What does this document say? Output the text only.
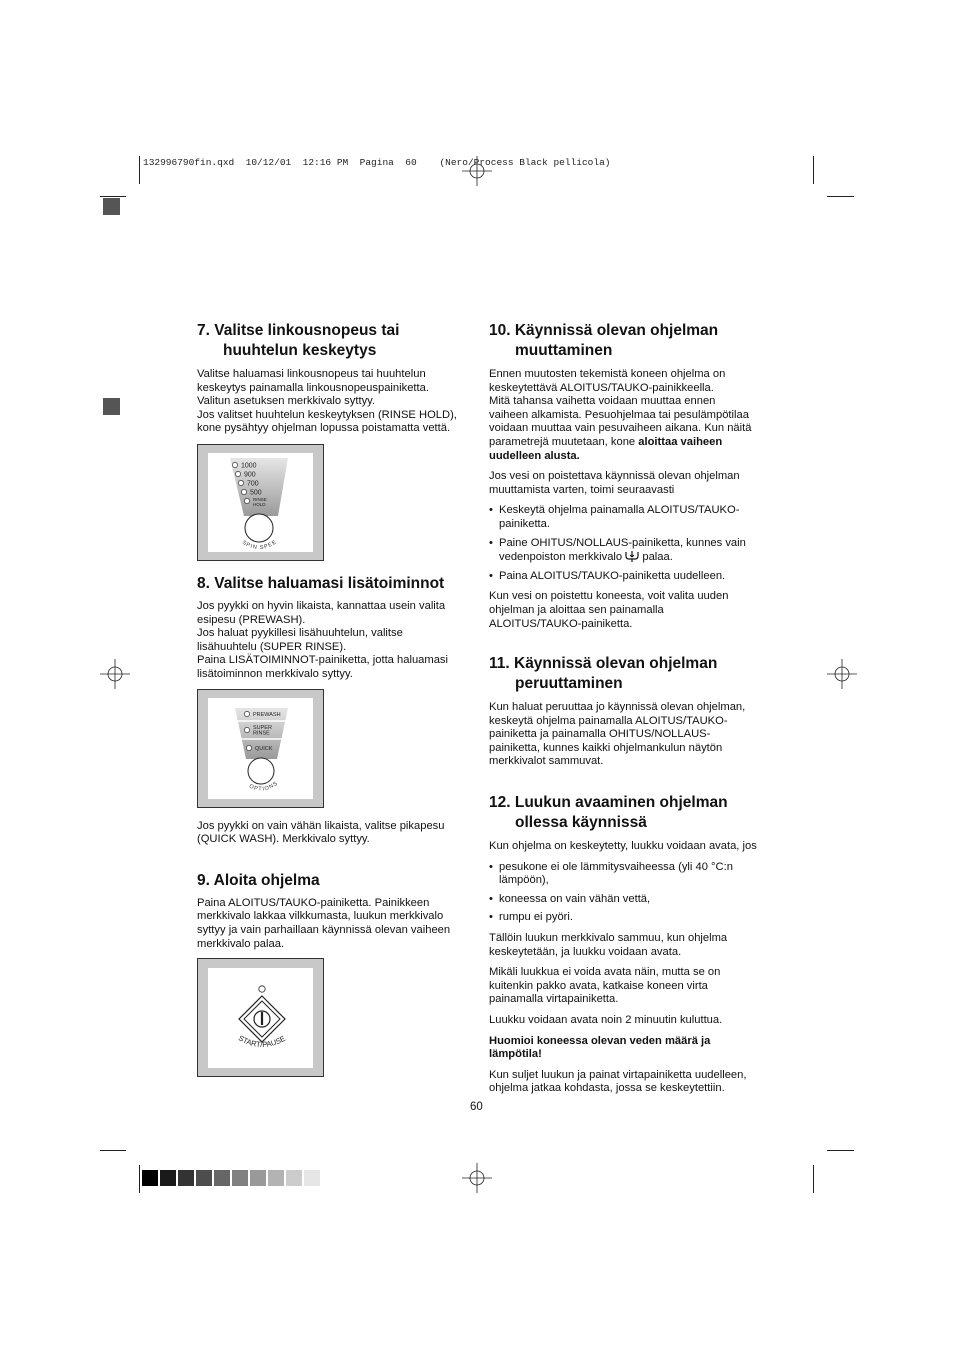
132996790fin.qxd  10/12/01  12:16 PM  Pagina  60    (Nero/Process Black pellicola)
7. Valitse linkousnopeus tai
huuhtelun keskeytys

Valitse haluamasi linkousnopeus tai huuhtelun keskeytys painamalla linkousnopeuspainiketta. Valitun asetuksen merkkivalo syttyy.

Jos valitset huuhtelun keskeytyksen (RINSE HOLD), kone pysähtyy ohjelman lopussa poistamatta vettä.

1000
900
700
500
RINSE
HOLD
SPIN SPEE
8. Valitse haluamasi lisätoiminnot

Jos pyykki on hyvin likaista, kannattaa usein valita esipesu (PREWASH).

Jos haluat pyykillesi lisähuuhtelun, valitse lisähuuhtelu (SUPER RINSE).

Paina LISÄTOIMINNOT-painiketta, jotta haluamasi lisätoiminnon merkkivalo syttyy.

PREWASH
SUPER
RINSE
QUICK
OPTIONS

Jos pyykki on vain vähän likaista, valitse pikapesu (QUICK WASH). Merkkivalo syttyy.

9. Aloita ohjelma

Paina ALOITUS/TAUKO-painiketta. Painikkeen merkkivalo lakkaa vilkkumasta, luukun merkkivalo syttyy ja vain parhaillaan käynnissä olevan vaiheen merkkivalo palaa.

START/PAUSE
10. Käynnissä olevan ohjelman
muuttaminen

Ennen muutosten tekemistä koneen ohjelma on keskeytettävä ALOITUS/TAUKO-painikkeella.

Mitä tahansa vaihetta voidaan muuttaa ennen vaiheen alkamista. Pesuohjelmaa tai pesulämpötilaa voidaan muuttaa vain pesuvaiheen aikana. Kun näitä parametrejä muutetaan, kone aloittaa vaiheen uudelleen alusta.

Jos vesi on poistettava käynnissä olevan ohjelman muuttamista varten, toimi seuraavasti

• Keskeytä ohjelma painamalla ALOITUS/TAUKO-painiketta.
• Paine OHITUS/NOLLAUS-painiketta, kunnes vain vedenpoiston merkkivalo palaa.
• Paina ALOITUS/TAUKO-painiketta uudelleen.

Kun vesi on poistettu koneesta, voit valita uuden ohjelman ja aloittaa sen painamalla ALOITUS/TAUKO-painiketta.

11. Käynnissä olevan ohjelman
peruuttaminen

Kun haluat peruuttaa jo käynnissä olevan ohjelman, keskeytä ohjelma painamalla ALOITUS/TAUKO-painiketta ja painamalla OHITUS/NOLLAUS-painiketta, kunnes kaikki ohjelmankulun näytön merkkivalot sammuvat.

12. Luukun avaaminen ohjelman
ollessa käynnissä

Kun ohjelma on keskeytetty, luukku voidaan avata, jos

• pesukone ei ole lämmitysvaiheessa (yli 40 °C:n lämpöön),
• koneessa on vain vähän vettä,
• rumpu ei pyöri.

Tällöin luukun merkkivalo sammuu, kun ohjelma keskeytetään, ja luukku voidaan avata.

Mikäli luukkua ei voida avata näin, mutta se on kuitenkin pakko avata, katkaise koneen virta painamalla virtapainiketta.

Luukku voidaan avata noin 2 minuutin kuluttua.

Huomioi koneessa olevan veden määrä ja lämpötila!

Kun suljet luukun ja painat virtapainiketta uudelleen, ohjelma jatkaa kohdasta, jossa se keskeytettiin.

60
